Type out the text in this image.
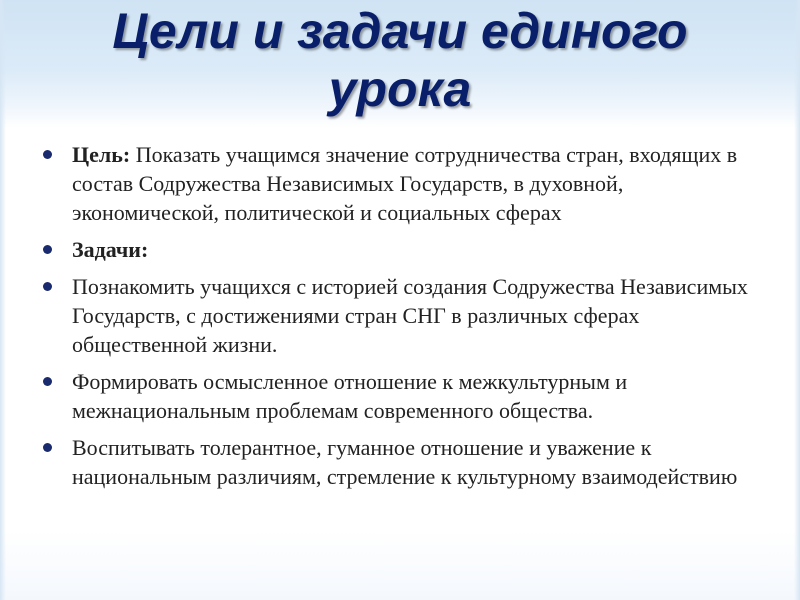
Цели и задачи единого
урока
Цель: Показать учащимся значение сотрудничества стран, входящих в состав Содружества Независимых Государств, в духовной, экономической, политической и социальных сферах
Задачи:
Познакомить учащихся с историей создания Содружества Независимых Государств, с достижениями стран СНГ в различных сферах общественной жизни.
Формировать осмысленное отношение к межкультурным и межнациональным проблемам современного общества.
Воспитывать толерантное, гуманное отношение и уважение к национальным различиям, стремление к культурному взаимодействию
